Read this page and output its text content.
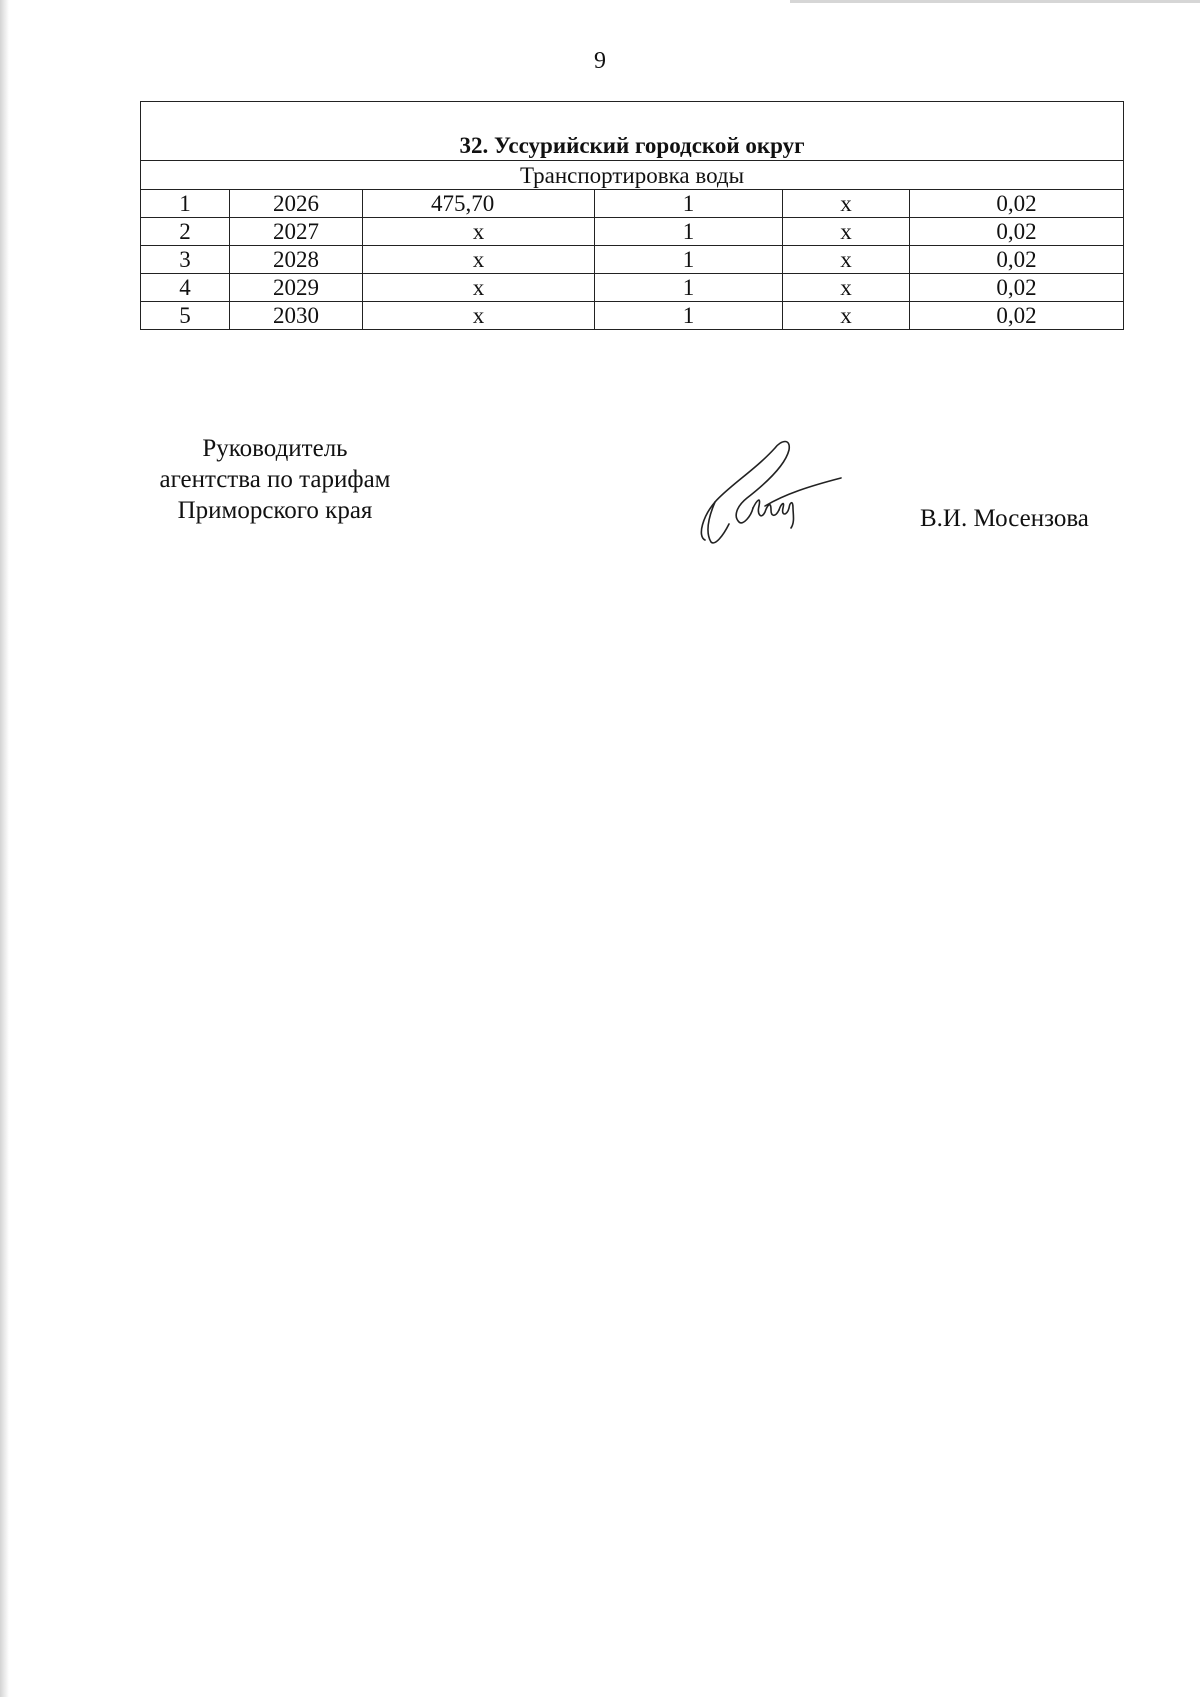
9
32. Уссурийский городской округ					
Транспортировка воды					
1	2026	475,70	1	х	0,02
2	2027	х	1	х	0,02
3	2028	х	1	х	0,02
4	2029	х	1	х	0,02
5	2030	х	1	х	0,02
Руководитель
агентства по тарифам
Приморского края	В.И. Мосензова
